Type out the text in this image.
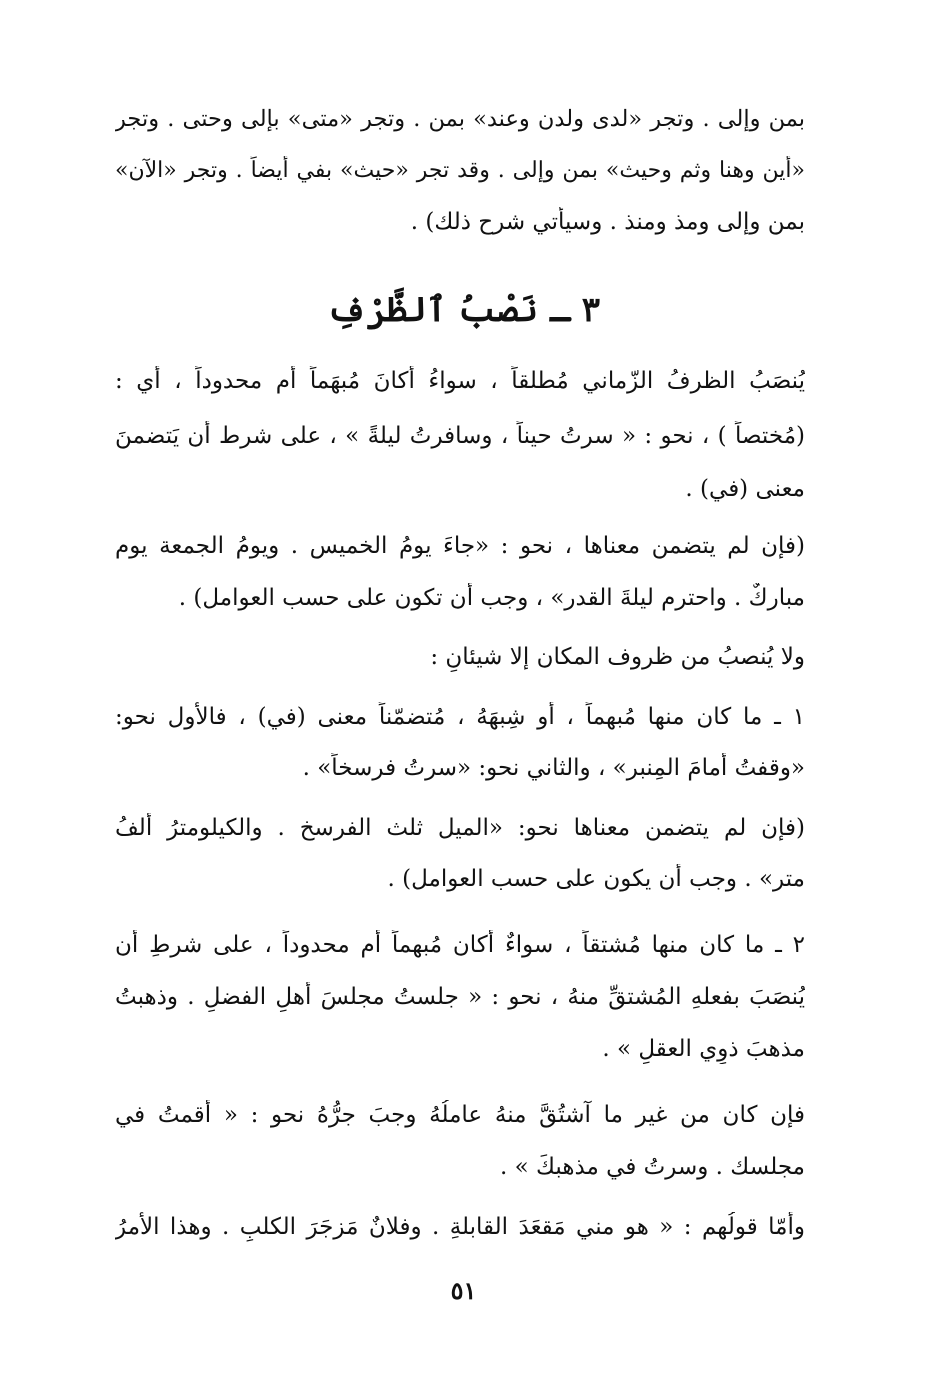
بمن وإلى . وتجر «لدى ولدن وعند» بمن . وتجر «متى» بإلى وحتى . وتجر
«أين وهنا وثم وحيث» بمن وإلى . وقد تجر «حيث» بفي أيضاً . وتجر «الآن»
بمن وإلى ومذ ومنذ . وسيأتي شرح ذلك) .
٣ ـ نَصْبُ ٱلظَّرْفِ
يُنصَبُ الظرفُ الزّماني مُطلقاً ، سواءُ أكانَ مُبهَماً أم محدوداً ، أي :
(مُختصاً ) ، نحو : « سرتُ حيناً ، وسافرتُ ليلةً » ، على شرط أن يَتضمنَ
معنى (في) .
(فإن لم يتضمن معناها ، نحو : «جاءَ يومُ الخميس . ويومُ الجمعة يوم
مباركٌ . واحترم ليلةَ القدر» ، وجب أن تكون على حسب العوامل) .
ولا يُنصبُ من ظروف المكان إلا شيئانِ :
١ ـ ما كان منها مُبهماً ، أو شِبهَهُ ، مُتضمّناً معنى (في) ، فالأول نحو:
«وقفتُ أمامَ المِنبر» ، والثاني نحو: «سرتُ فرسخاً» .
(فإن لم يتضمن معناها نحو: «الميل ثلث الفرسخ . والكيلومترُ ألفُ
متر» . وجب أن يكون على حسب العوامل) .
٢ ـ ما كان منها مُشتقاً ، سواءٌ أكان مُبهماً أم محدوداً ، على شرطِ أن
يُنصَبَ بفعلهِ المُشتقِّ منهُ ، نحو : « جلستُ مجلسَ أهلِ الفضلِ . وذهبتُ
مذهبَ ذوِي العقلِ » .
فإن كان من غير ما آشتُقَّ منهُ عاملُهُ وجبَ جرُّهُ نحو : « أقمتُ في
مجلسك . وسرتُ في مذهبكَ » .
وأمّا قولُهم : « هو مني مَقعَدَ القابلةِ . وفلانٌ مَزجَرَ الكلبِ . وهذا الأمرُ
٥١
